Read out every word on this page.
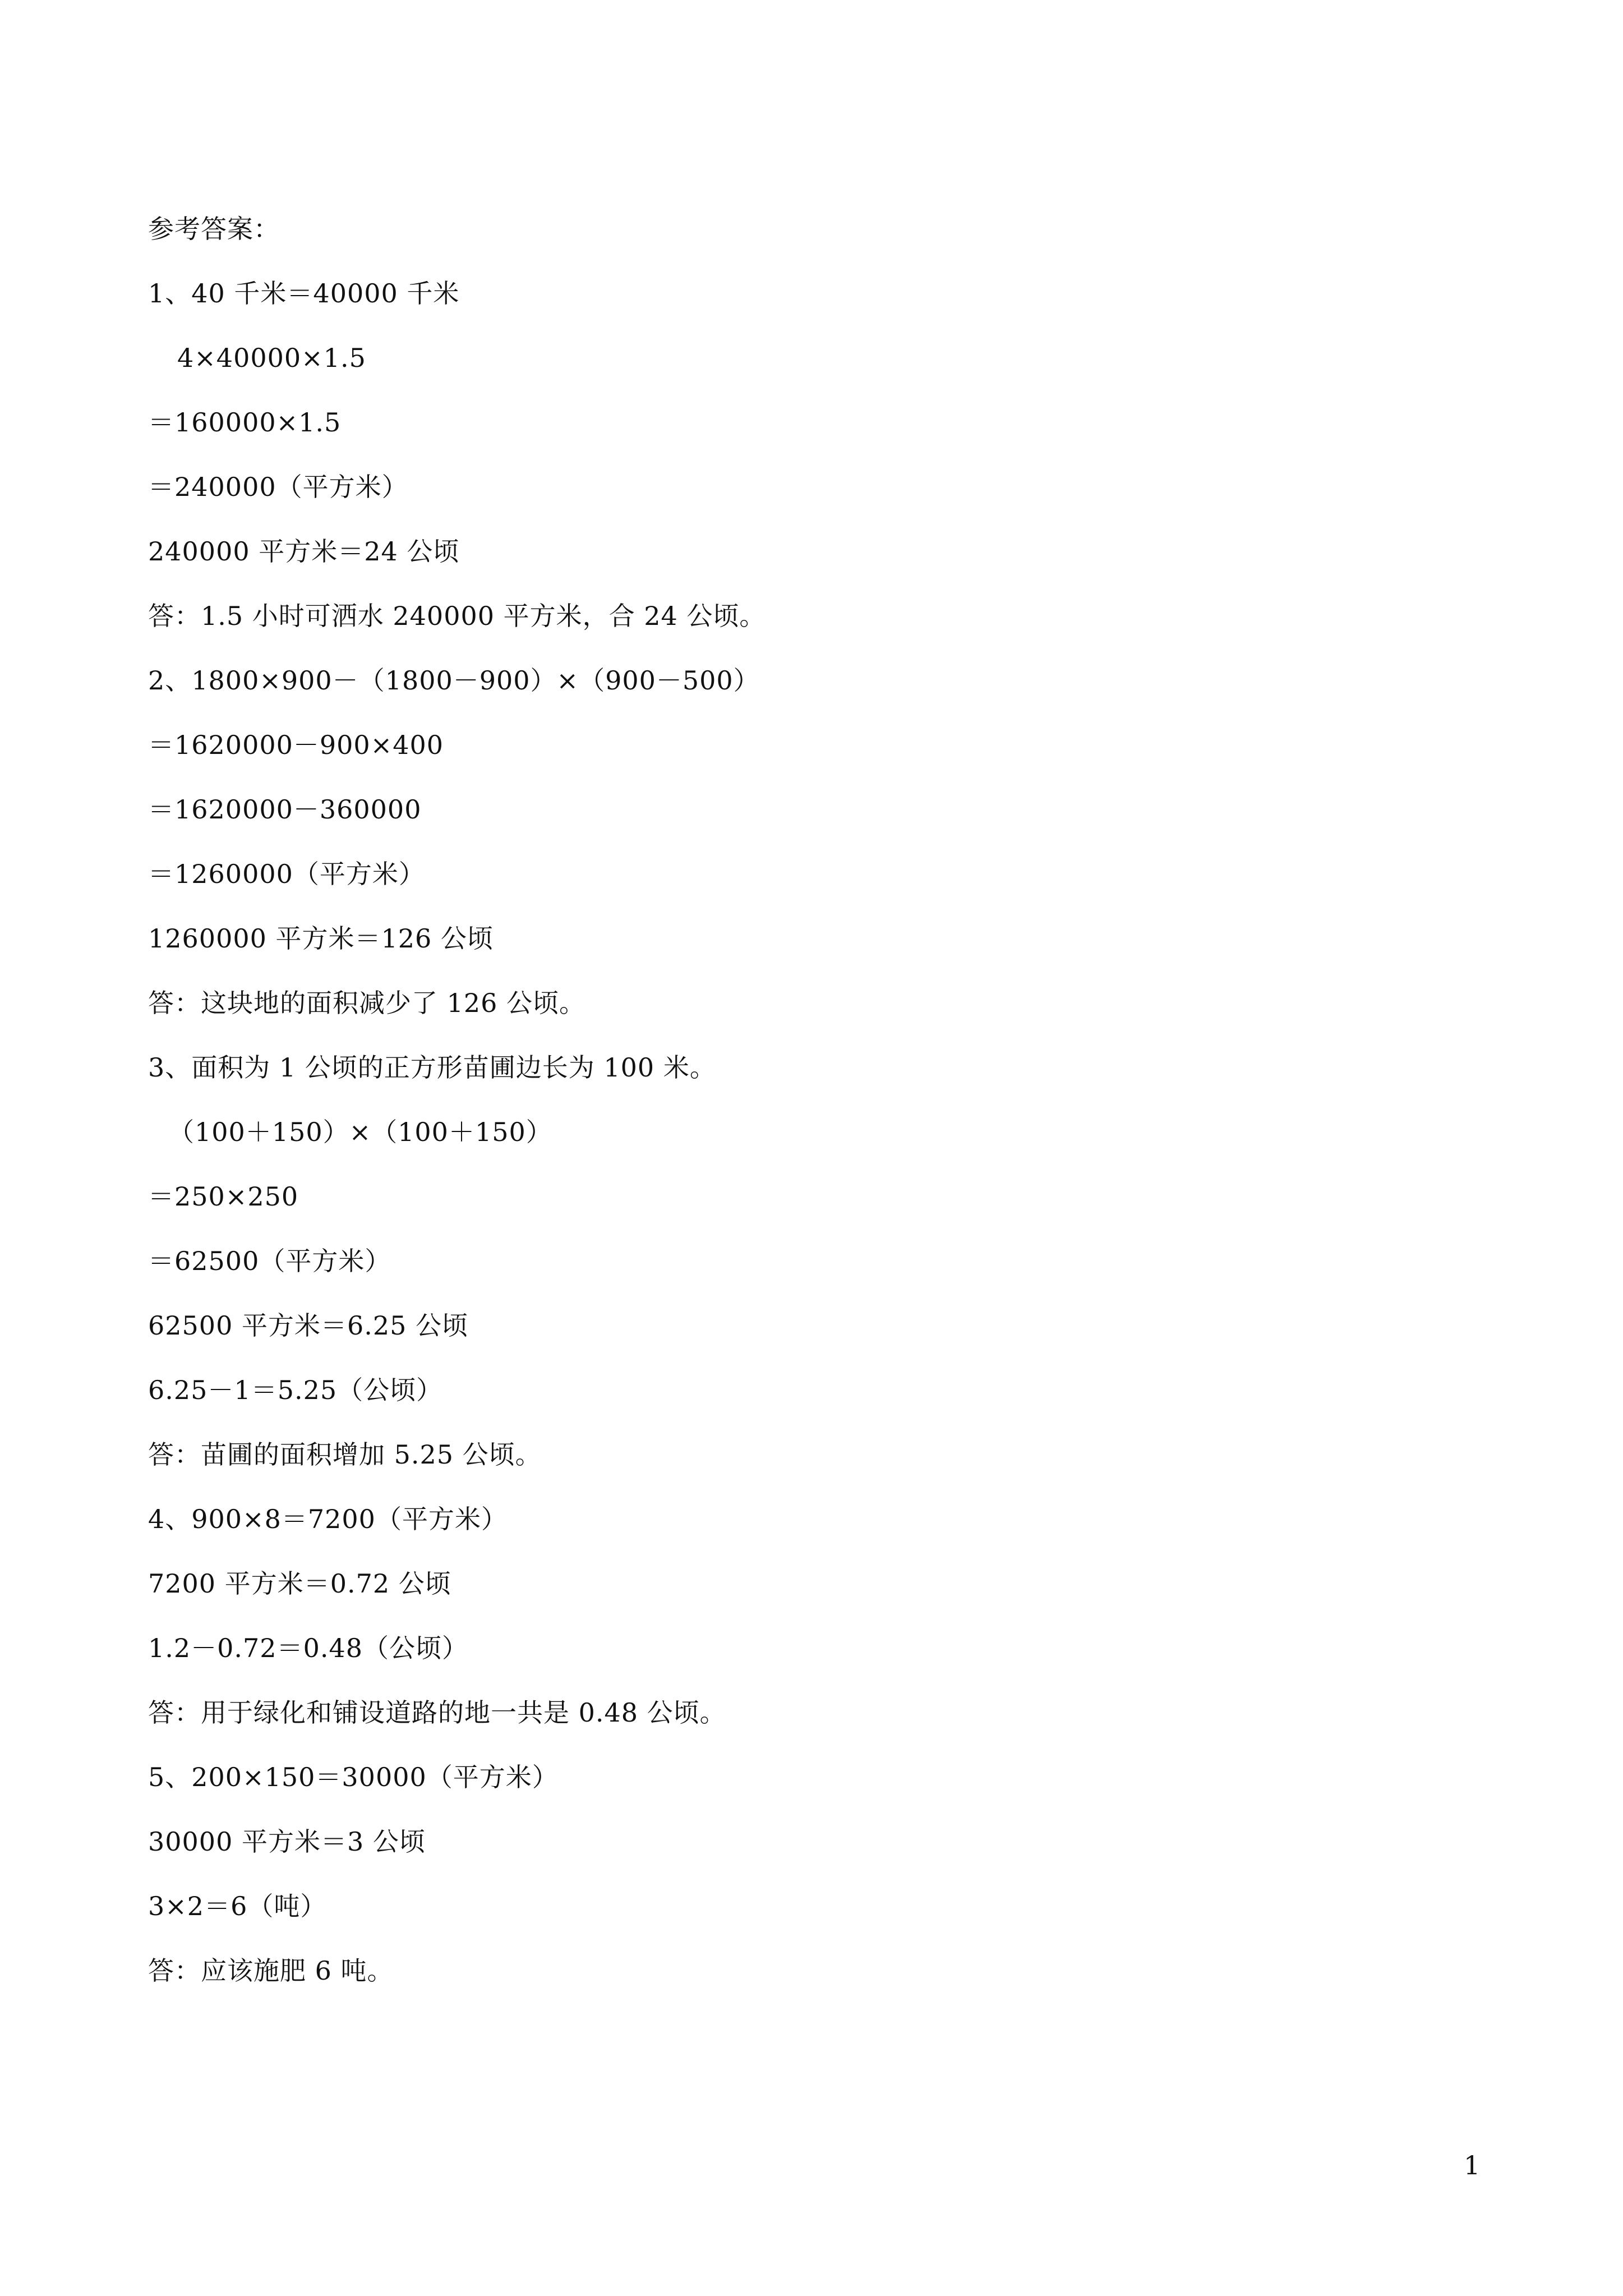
参考答案：
1、40 千米＝40000 千米
4×40000×1.5
＝160000×1.5
＝240000（平方米）
240000 平方米＝24 公顷
答：1.5 小时可洒水 240000 平方米，合 24 公顷。
2、1800×900－（1800－900）×（900－500）
＝1620000－900×400
＝1620000－360000
＝1260000（平方米）
1260000 平方米＝126 公顷
答：这块地的面积减少了 126 公顷。
3、面积为 1 公顷的正方形苗圃边长为 100 米。
（100＋150）×（100＋150）
＝250×250
＝62500（平方米）
62500 平方米＝6.25 公顷
6.25－1＝5.25（公顷）
答：苗圃的面积增加 5.25 公顷。
4、900×8＝7200（平方米）
7200 平方米＝0.72 公顷
1.2－0.72＝0.48（公顷）
答：用于绿化和铺设道路的地一共是 0.48 公顷。
5、200×150＝30000（平方米）
30000 平方米＝3 公顷
3×2＝6（吨）
答：应该施肥 6 吨。
1
